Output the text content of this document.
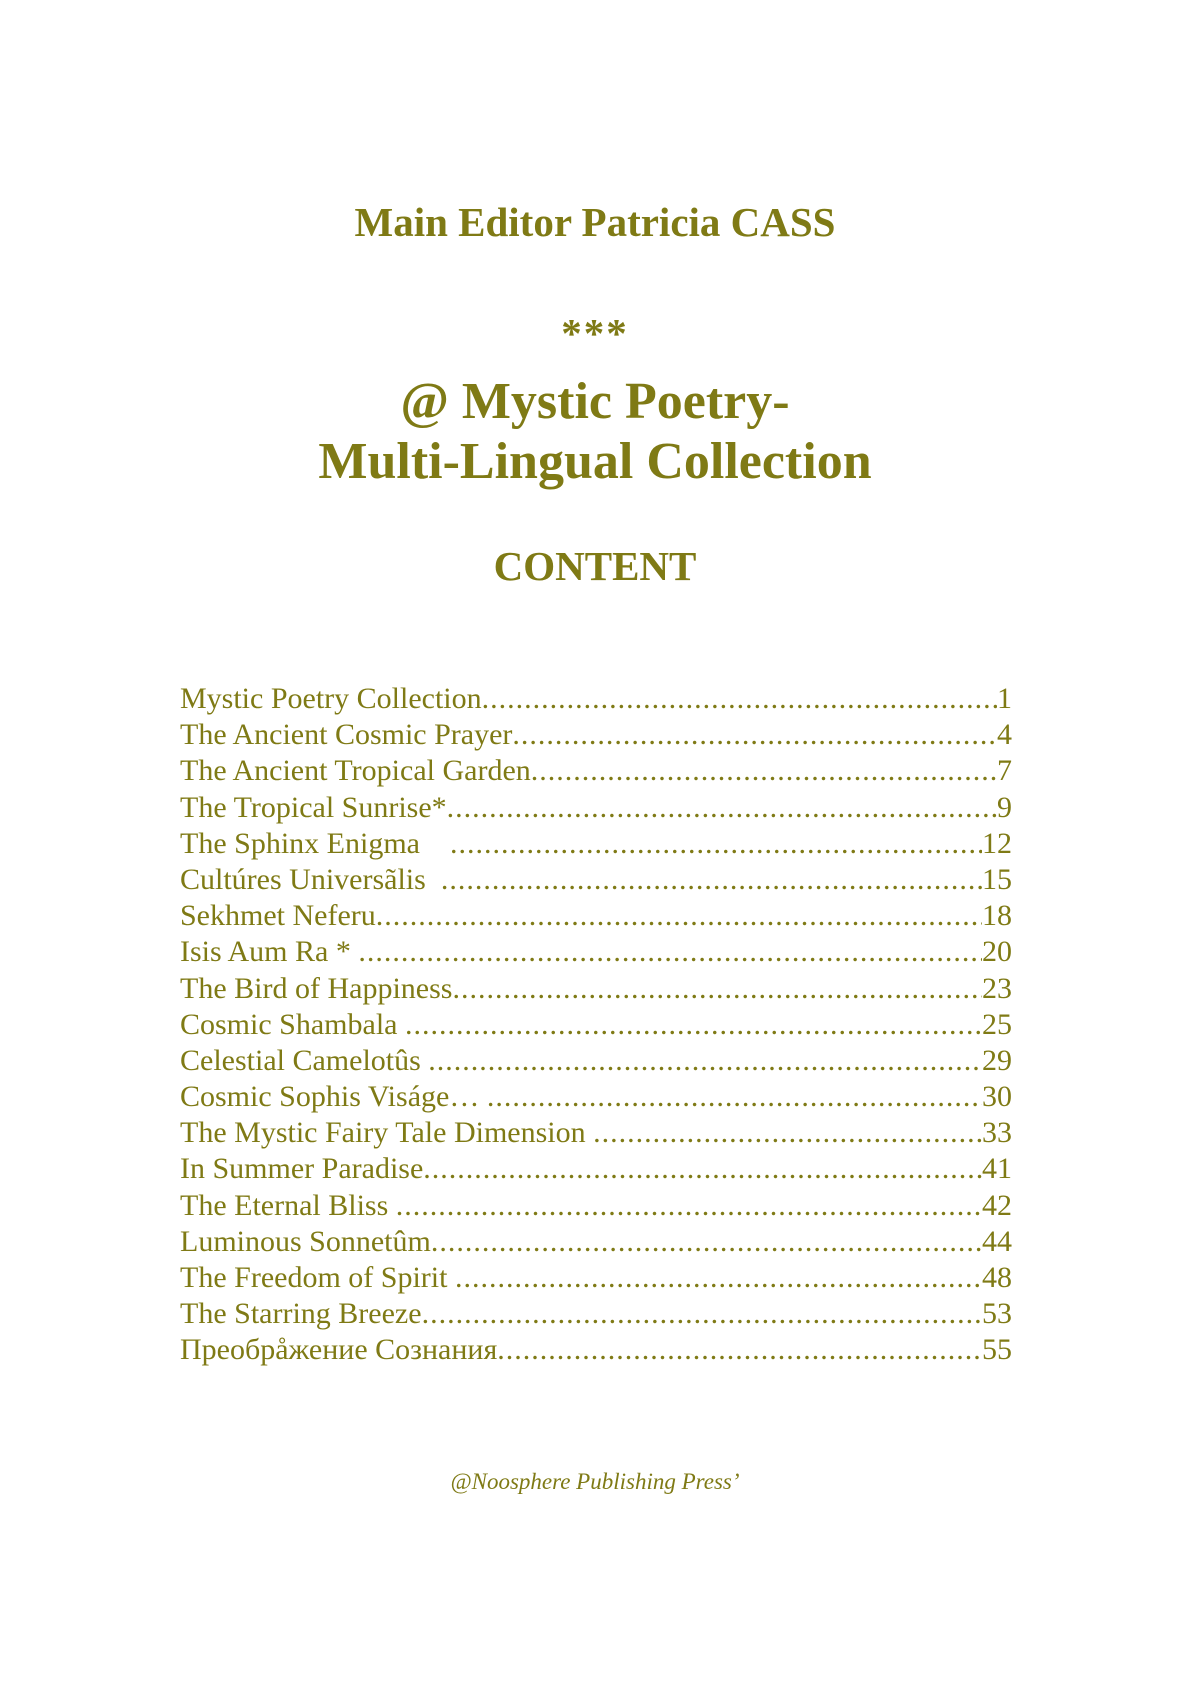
Main Editor Patricia CASS
***
@ Mystic Poetry-
Multi-Lingual Collection
CONTENT
Mystic Poetry Collection .....	1
The Ancient Cosmic Prayer .....	4
The Ancient Tropical Garden .....	7
The Tropical Sunrise* .....	9
The Sphinx Enigma .....	12
Cultúres Universãlis .....	15
Sekhmet Neferu .....	18
Isis Aum Ra * .....	20
The Bird of Happiness .....	23
Cosmic Shambala .....	25
Celestial Camelotûs .....	29
Cosmic Sophis Viságe… .....	30
The Mystic Fairy Tale Dimension .....	33
In Summer Paradise .....	41
The Eternal Bliss .....	42
Luminous Sonnetûm .....	44
The Freedom of Spirit .....	48
The Starring Breeze .....	53
Преобрåжение Сознания .....	55
@Noosphere Publishing Press’
